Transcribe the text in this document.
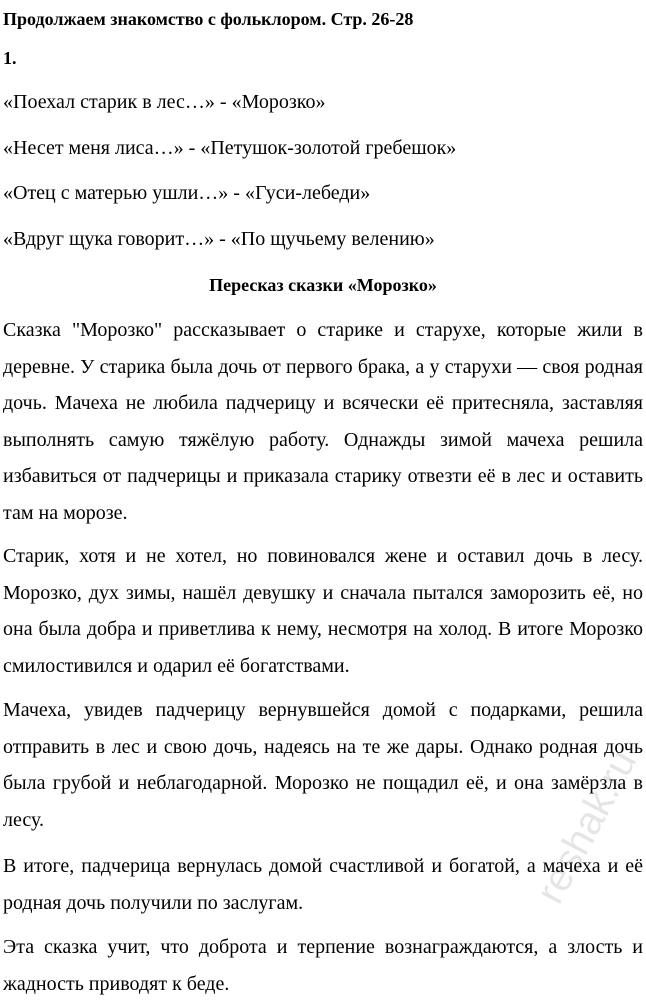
Продолжаем знакомство с фольклором. Стр. 26-28
1.

«Поехал старик в лес…» - «Морозко»

«Несет меня лиса…» - «Петушок-золотой гребешок»

«Отец с матерью ушли…» - «Гуси-лебеди»

«Вдруг щука говорит…» - «По щучьему велению»

Пересказ сказки «Морозко»

Сказка "Морозко" рассказывает о старике и старухе, которые жили в деревне. У старика была дочь от первого брака, а у старухи — своя родная дочь. Мачеха не любила падчерицу и всячески её притесняла, заставляя выполнять самую тяжёлую работу. Однажды зимой мачеха решила избавиться от падчерицы и приказала старику отвезти её в лес и оставить там на морозе.

Старик, хотя и не хотел, но повиновался жене и оставил дочь в лесу. Морозко, дух зимы, нашёл девушку и сначала пытался заморозить её, но она была добра и приветлива к нему, несмотря на холод. В итоге Морозко смилостивился и одарил её богатствами.

Мачеха, увидев падчерицу вернувшейся домой с подарками, решила отправить в лес и свою дочь, надеясь на те же дары. Однако родная дочь была грубой и неблагодарной. Морозко не пощадил её, и она замёрзла в лесу.

В итоге, падчерица вернулась домой счастливой и богатой, а мачеха и её родная дочь получили по заслугам.

Эта сказка учит, что доброта и терпение вознаграждаются, а злость и жадность приводят к беде.

reshak.ru
